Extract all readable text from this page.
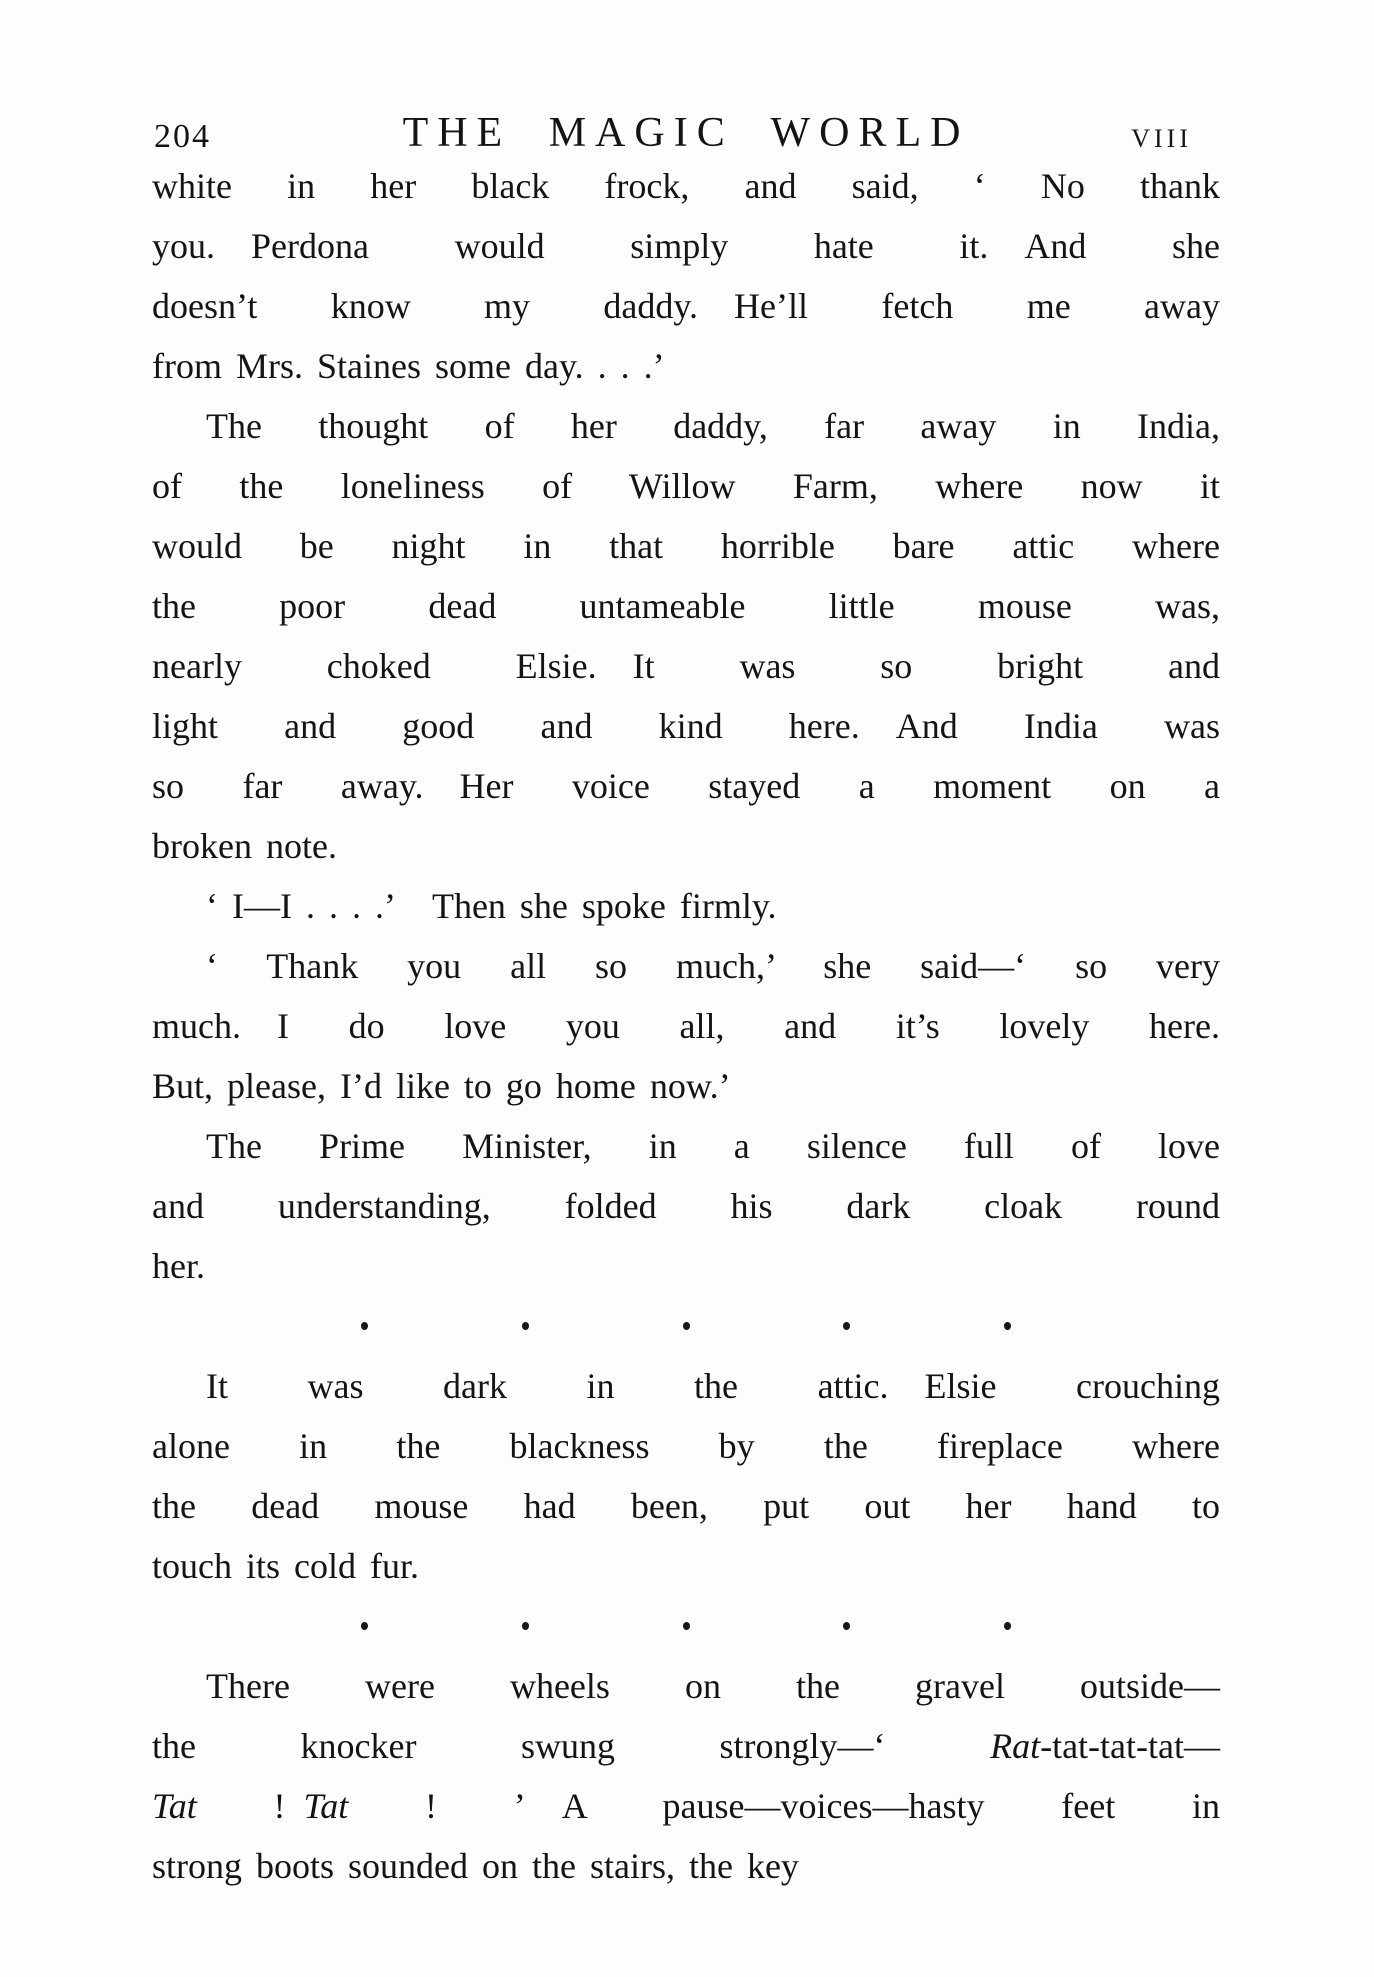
204	THE MAGIC WORLD	VIII

white in her black frock, and said, ‘ No thank
you. Perdona would simply hate it. And she
doesn’t know my daddy. He’ll fetch me away
from Mrs. Staines some day. . . .’

The thought of her daddy, far away in India,
of the loneliness of Willow Farm, where now it
would be night in that horrible bare attic where
the poor dead untameable little mouse was,
nearly choked Elsie. It was so bright and
light and good and kind here. And India was
so far away. Her voice stayed a moment on a
broken note.

‘ I—I . . . .’ Then she spoke firmly.

‘ Thank you all so much,’ she said—‘ so very
much. I do love you all, and it’s lovely here.
But, please, I’d like to go home now.’

The Prime Minister, in a silence full of love
and understanding, folded his dark cloak round
her.

It was dark in the attic. Elsie crouching
alone in the blackness by the fireplace where
the dead mouse had been, put out her hand to
touch its cold fur.

There were wheels on the gravel outside—
the knocker swung strongly—‘ Rat-tat-tat-tat—
Tat ! Tat ! ’ A pause—voices—hasty feet in
strong boots sounded on the stairs, the key
